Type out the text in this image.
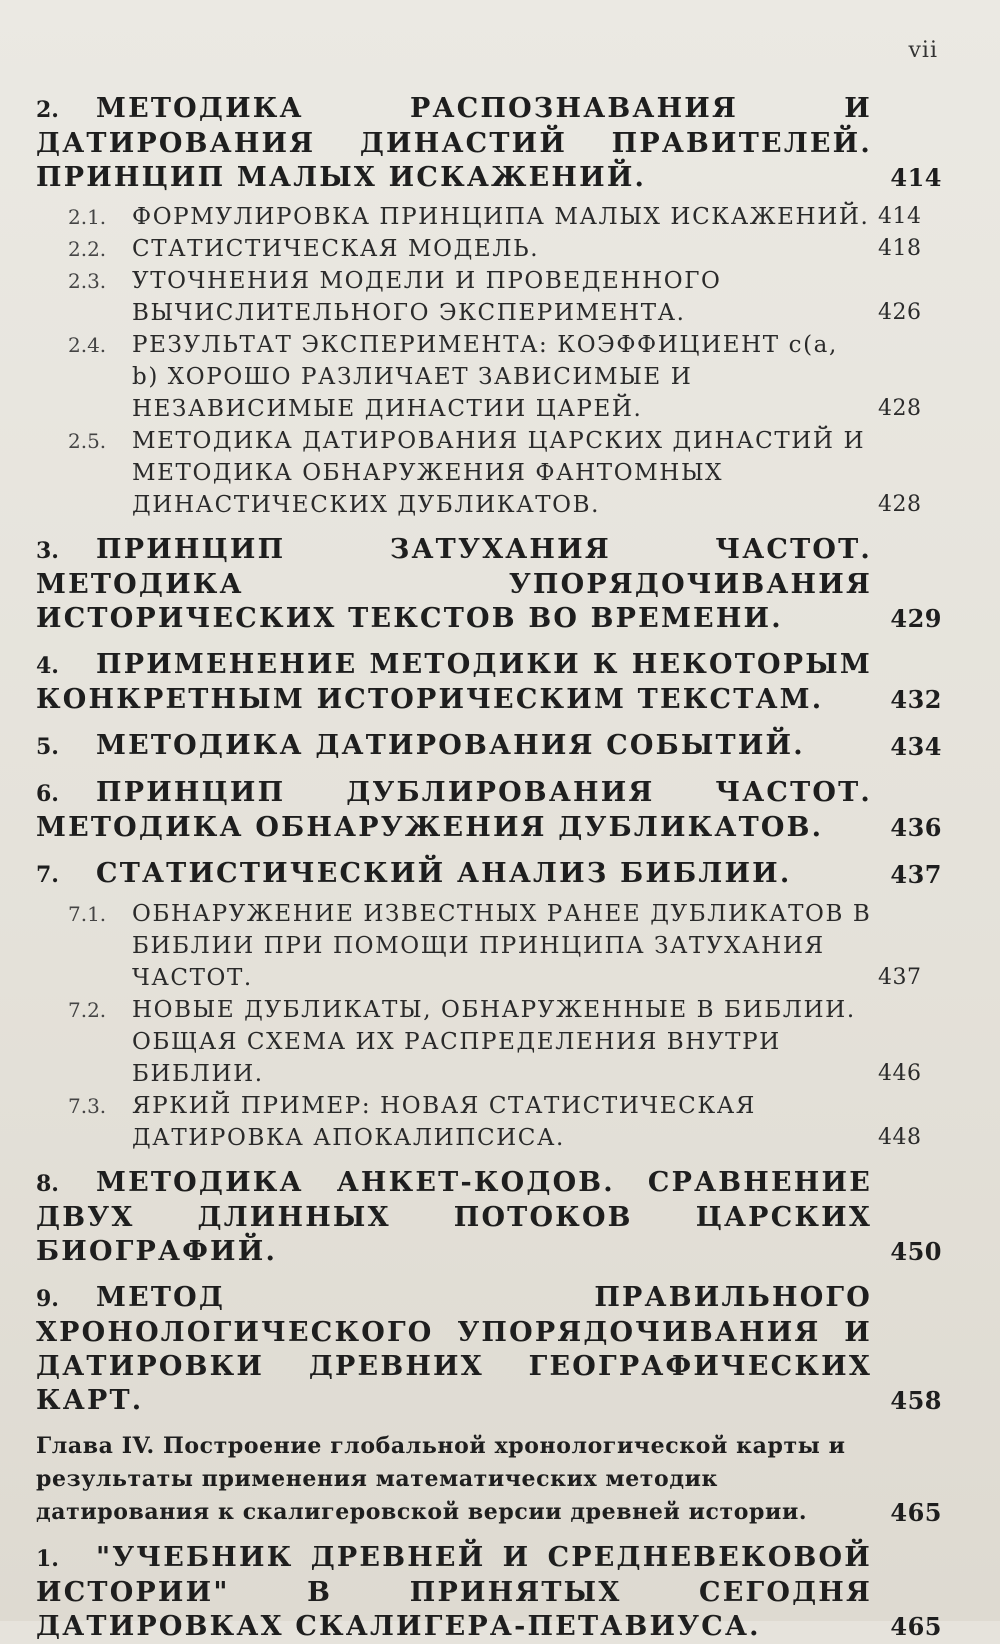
vii
2. МЕТОДИКА РАСПОЗНАВАНИЯ И ДАТИРОВАНИЯ ДИНАСТИЙ ПРАВИТЕЛЕЙ. ПРИНЦИП МАЛЫХ ИСКАЖЕНИЙ.	414
2.1. ФОРМУЛИРОВКА ПРИНЦИПА МАЛЫХ ИСКАЖЕНИЙ. 414
2.2. СТАТИСТИЧЕСКАЯ МОДЕЛЬ.	418
2.3. УТОЧНЕНИЯ МОДЕЛИ И ПРОВЕДЕННОГО ВЫЧИСЛИТЕЛЬНОГО ЭКСПЕРИМЕНТА.	426
2.4. РЕЗУЛЬТАТ ЭКСПЕРИМЕНТА: КОЭФФИЦИЕНТ c(a, b) ХОРОШО РАЗЛИЧАЕТ ЗАВИСИМЫЕ И НЕЗАВИСИМЫЕ ДИНАСТИИ ЦАРЕЙ.	428
2.5. МЕТОДИКА ДАТИРОВАНИЯ ЦАРСКИХ ДИНАСТИЙ И МЕТОДИКА ОБНАРУЖЕНИЯ ФАНТОМНЫХ ДИНАСТИЧЕСКИХ ДУБЛИКАТОВ.	428
3. ПРИНЦИП ЗАТУХАНИЯ ЧАСТОТ. МЕТОДИКА УПОРЯДОЧИВАНИЯ ИСТОРИЧЕСКИХ ТЕКСТОВ ВО ВРЕМЕНИ.	429
4. ПРИМЕНЕНИЕ МЕТОДИКИ К НЕКОТОРЫМ КОНКРЕТНЫМ ИСТОРИЧЕСКИМ ТЕКСТАМ.	432
5. МЕТОДИКА ДАТИРОВАНИЯ СОБЫТИЙ.	434
6. ПРИНЦИП ДУБЛИРОВАНИЯ ЧАСТОТ. МЕТОДИКА ОБНАРУЖЕНИЯ ДУБЛИКАТОВ.	436
7. СТАТИСТИЧЕСКИЙ АНАЛИЗ БИБЛИИ.	437
7.1. ОБНАРУЖЕНИЕ ИЗВЕСТНЫХ РАНЕЕ ДУБЛИКАТОВ В БИБЛИИ ПРИ ПОМОЩИ ПРИНЦИПА ЗАТУХАНИЯ ЧАСТОТ.	437
7.2. НОВЫЕ ДУБЛИКАТЫ, ОБНАРУЖЕННЫЕ В БИБЛИИ. ОБЩАЯ СХЕМА ИХ РАСПРЕДЕЛЕНИЯ ВНУТРИ БИБЛИИ.	446
7.3. ЯРКИЙ ПРИМЕР: НОВАЯ СТАТИСТИЧЕСКАЯ ДАТИРОВКА АПОКАЛИПСИСА.	448
8. МЕТОДИКА АНКЕТ-КОДОВ. СРАВНЕНИЕ ДВУХ ДЛИННЫХ ПОТОКОВ ЦАРСКИХ БИОГРАФИЙ.	450
9. МЕТОД ПРАВИЛЬНОГО ХРОНОЛОГИЧЕСКОГО УПОРЯДОЧИВАНИЯ И ДАТИРОВКИ ДРЕВНИХ ГЕОГРАФИЧЕСКИХ КАРТ.	458
Глава IV. Построение глобальной хронологической карты и результаты применения математических методик датирования к скалигеровской версии древней истории.	465
1. "УЧЕБНИК ДРЕВНЕЙ И СРЕДНЕВЕКОВОЙ ИСТОРИИ" В ПРИНЯТЫХ СЕГОДНЯ ДАТИРОВКАХ СКАЛИГЕРА-ПЕТАВИУСА.	465
